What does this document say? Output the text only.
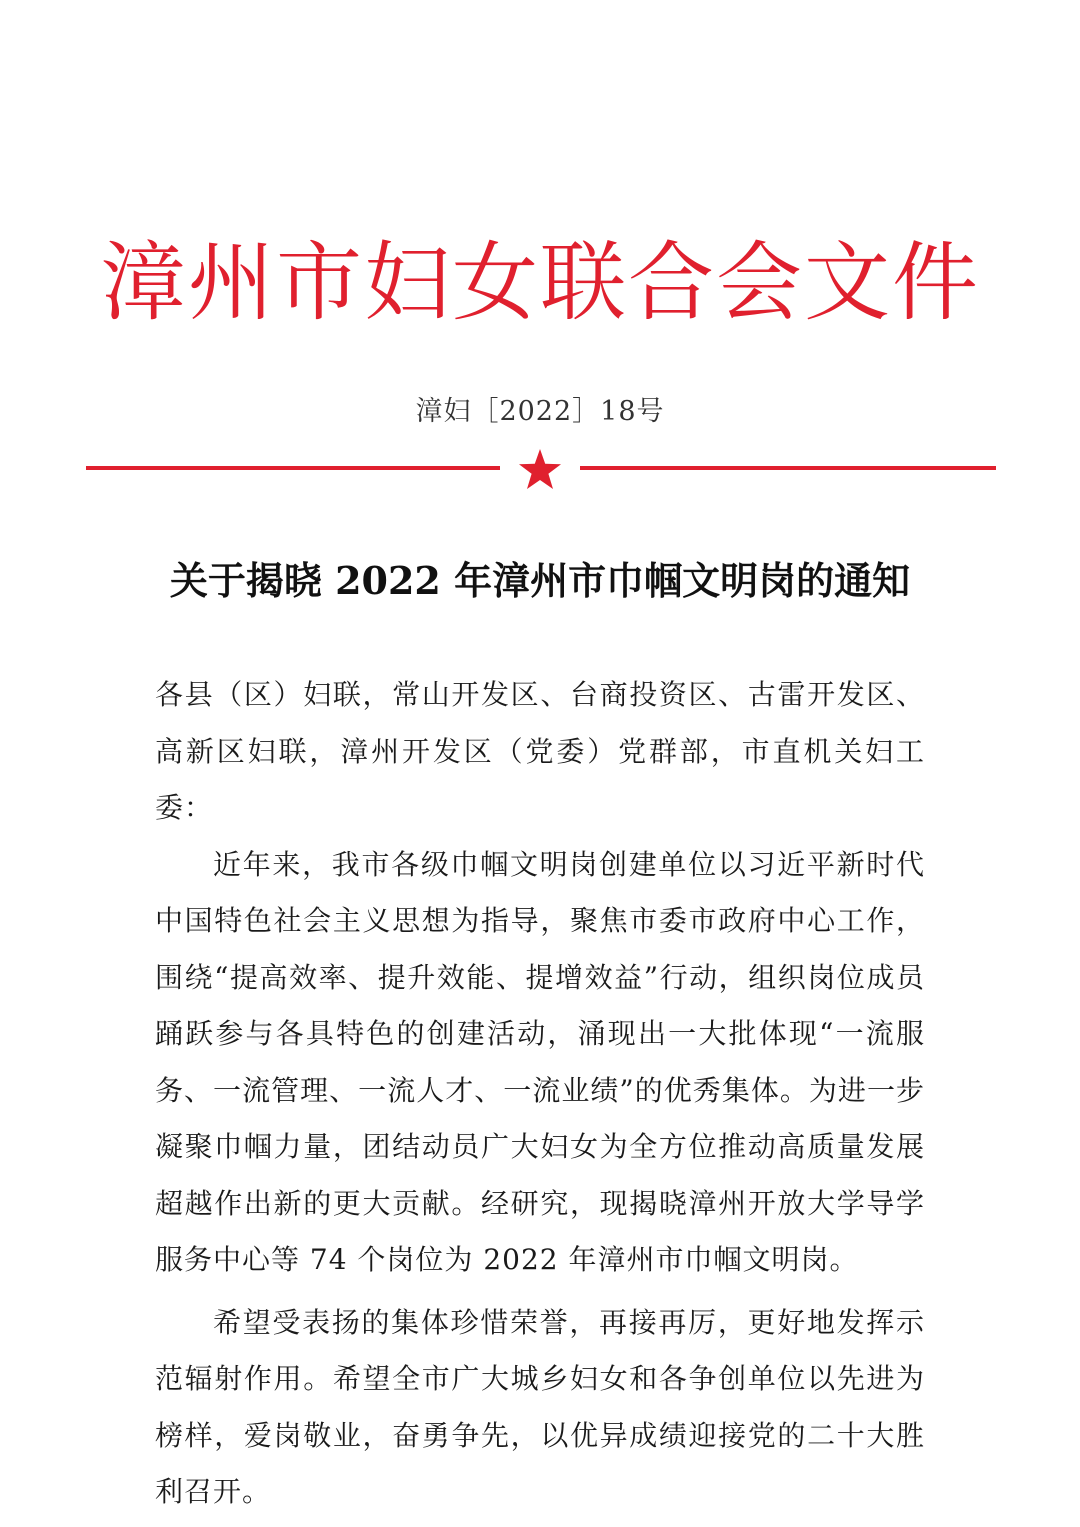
漳州市妇女联合会文件
漳妇［2022］18号
关于揭晓 2022 年漳州市巾帼文明岗的通知

各县（区）妇联，常山开发区、台商投资区、古雷开发区、高新区妇联，漳州开发区（党委）党群部，市直机关妇工委：

近年来，我市各级巾帼文明岗创建单位以习近平新时代中国特色社会主义思想为指导，聚焦市委市政府中心工作，围绕“提高效率、提升效能、提增效益”行动，组织岗位成员踊跃参与各具特色的创建活动，涌现出一大批体现“一流服务、一流管理、一流人才、一流业绩”的优秀集体。为进一步凝聚巾帼力量，团结动员广大妇女为全方位推动高质量发展超越作出新的更大贡献。经研究，现揭晓漳州开放大学导学服务中心等 74 个岗位为 2022 年漳州市巾帼文明岗。

希望受表扬的集体珍惜荣誉，再接再厉，更好地发挥示范辐射作用。希望全市广大城乡妇女和各争创单位以先进为榜样，爱岗敬业，奋勇争先，以优异成绩迎接党的二十大胜利召开。
